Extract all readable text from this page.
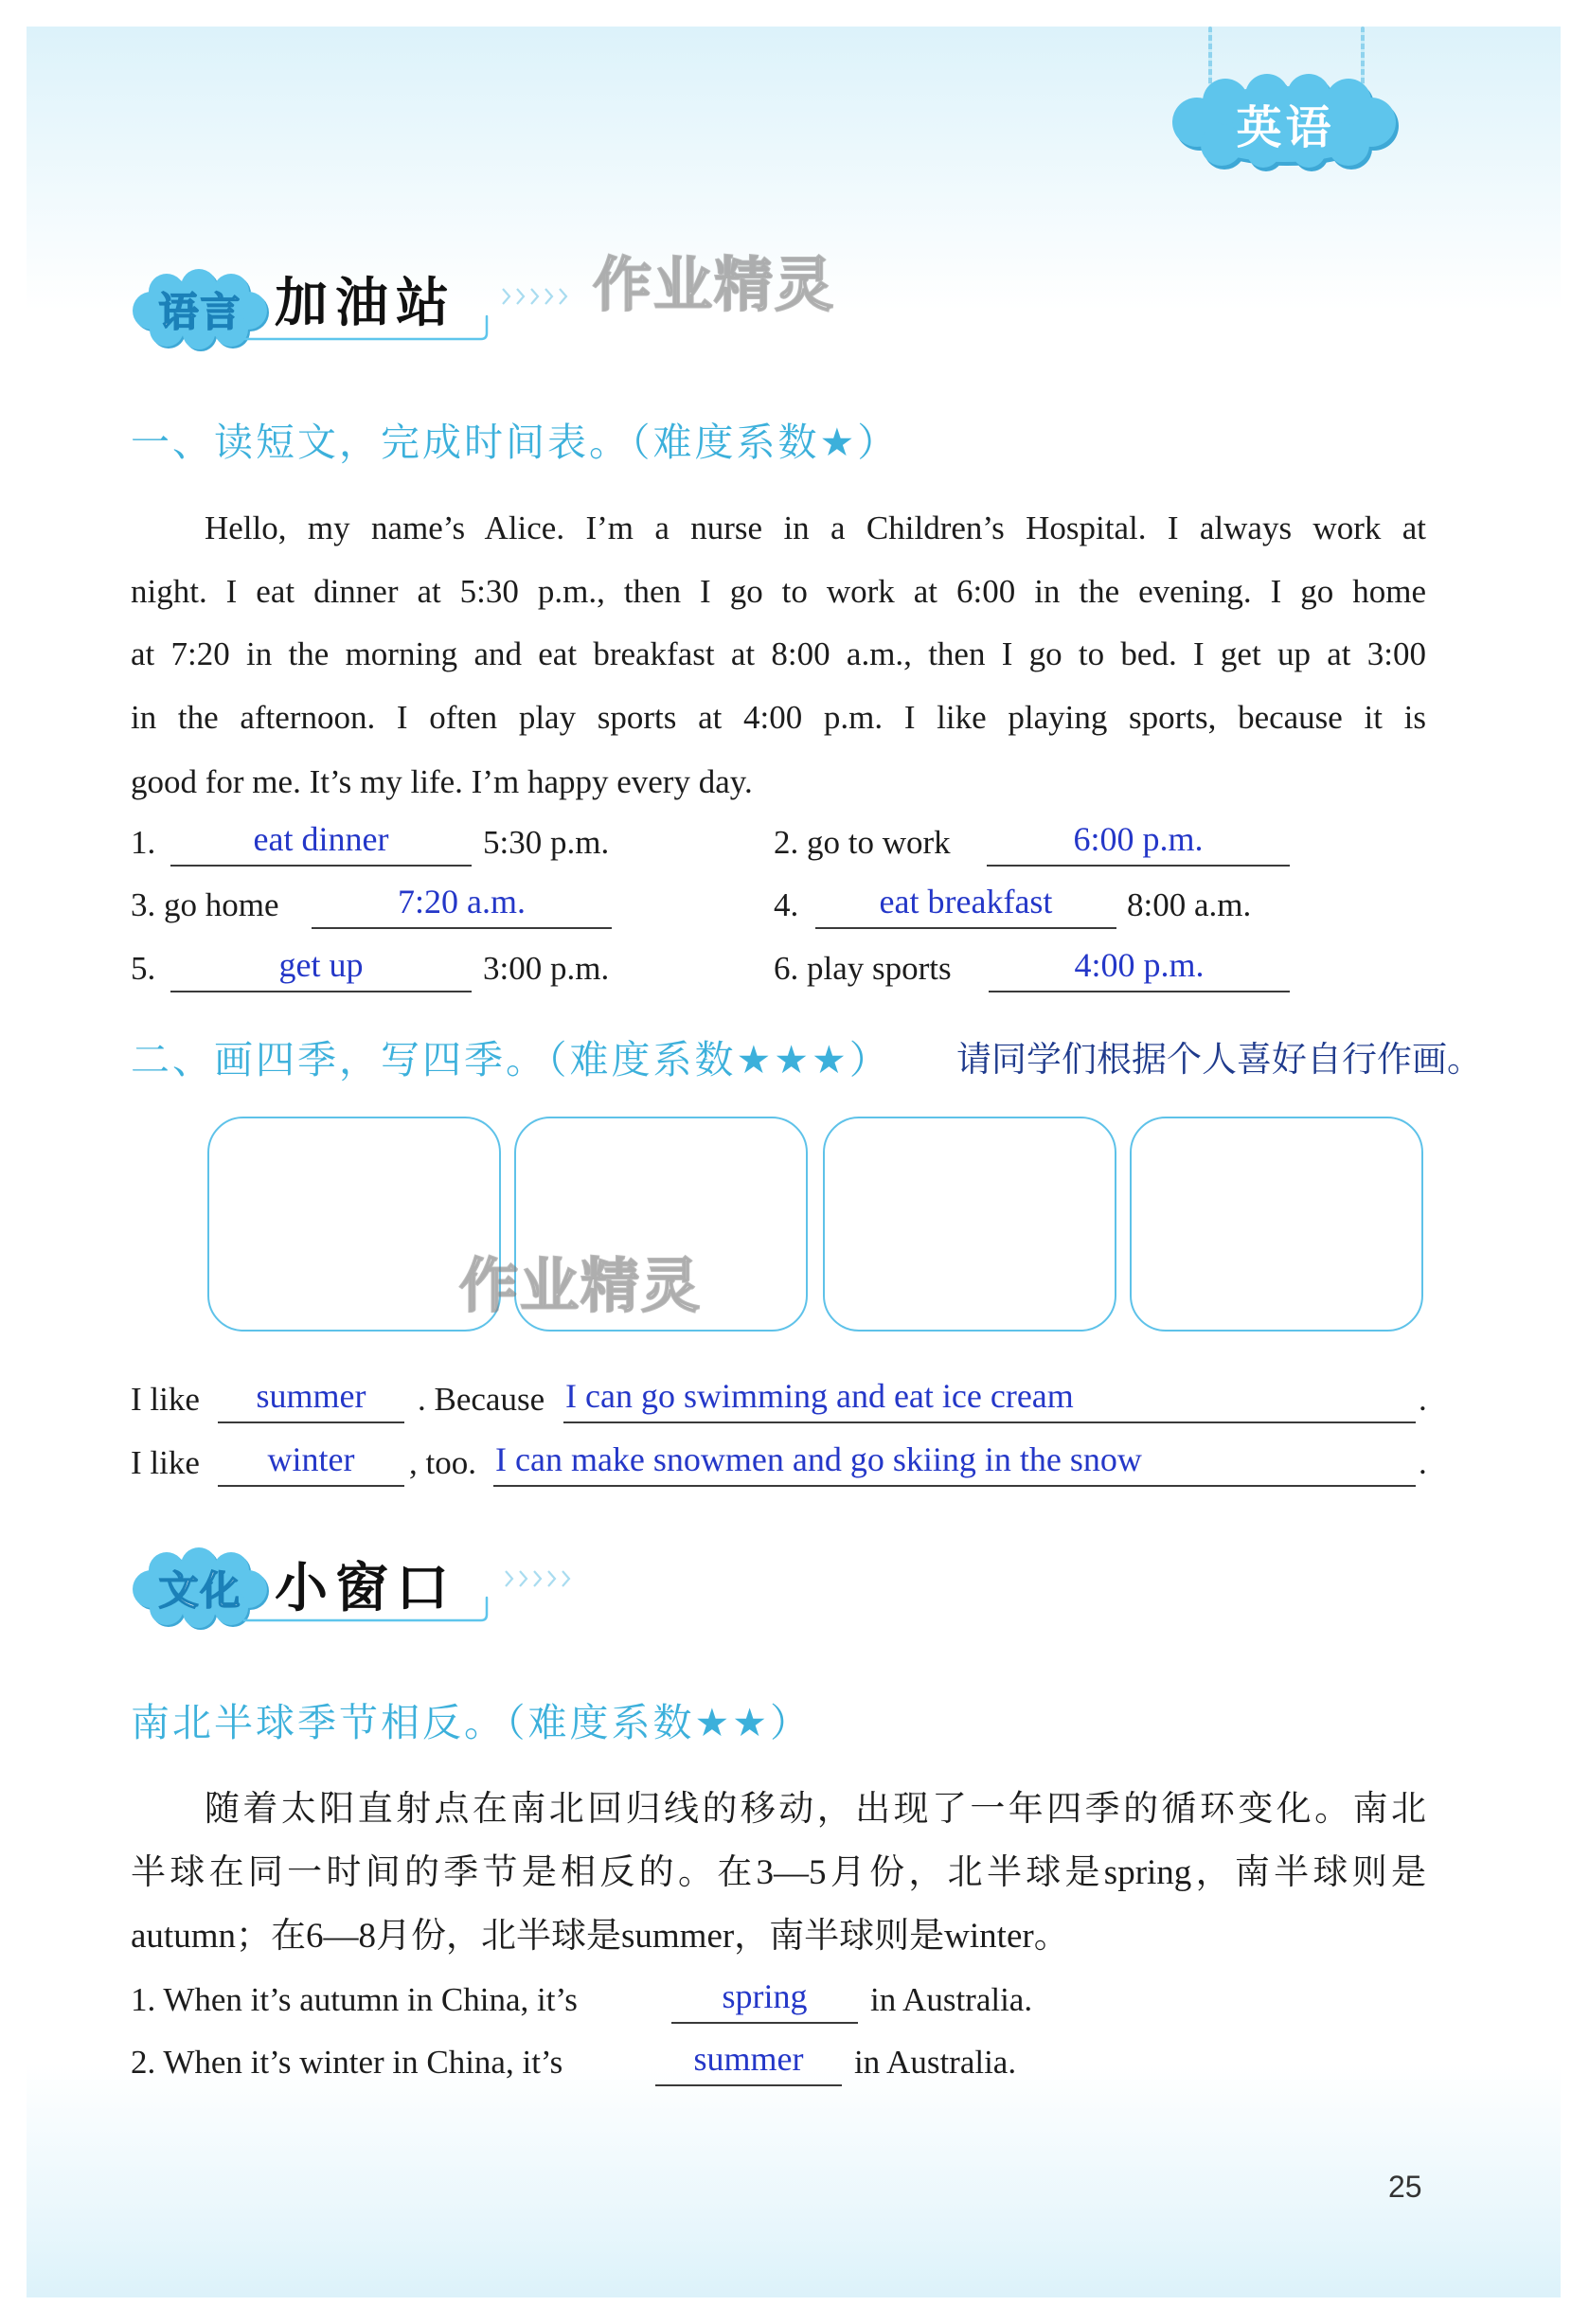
英语
语言 加油站 作业精灵
一、读短文，完成时间表。（难度系数★）
Hello, my name’s Alice. I’m a nurse in a Children’s Hospital. I always work at
night. I eat dinner at 5:30 p.m., then I go to work at 6:00 in the evening. I go home
at 7:20 in the morning and eat breakfast at 8:00 a.m., then I go to bed. I get up at 3:00
in the afternoon. I often play sports at 4:00 p.m. I like playing sports, because it is
good for me. It’s my life. I’m happy every day.
1.	eat dinner	5:30 p.m.	2. go to work	6:00 p.m.
3. go home	7:20 a.m.	4.	eat breakfast	8:00 a.m.
5.	get up	3:00 p.m.	6. play sports	4:00 p.m.
二、画四季，写四季。（难度系数★★★） 请同学们根据个人喜好自行作画。
作业精灵
I like	summer	. Because I can go swimming and eat ice cream	.
I like	winter	, too. I can make snowmen and go skiing in the snow	.
文化 小窗口
南北半球季节相反。（难度系数★★）
随着太阳直射点在南北回归线的移动，出现了一年四季的循环变化。南北
半球在同一时间的季节是相反的。在3—5月份，北半球是spring，南半球则是
autumn；在6—8月份，北半球是summer，南半球则是winter。
1. When it’s autumn in China, it’s	spring	in Australia.
2. When it’s winter in China, it’s	summer	in Australia.
25
